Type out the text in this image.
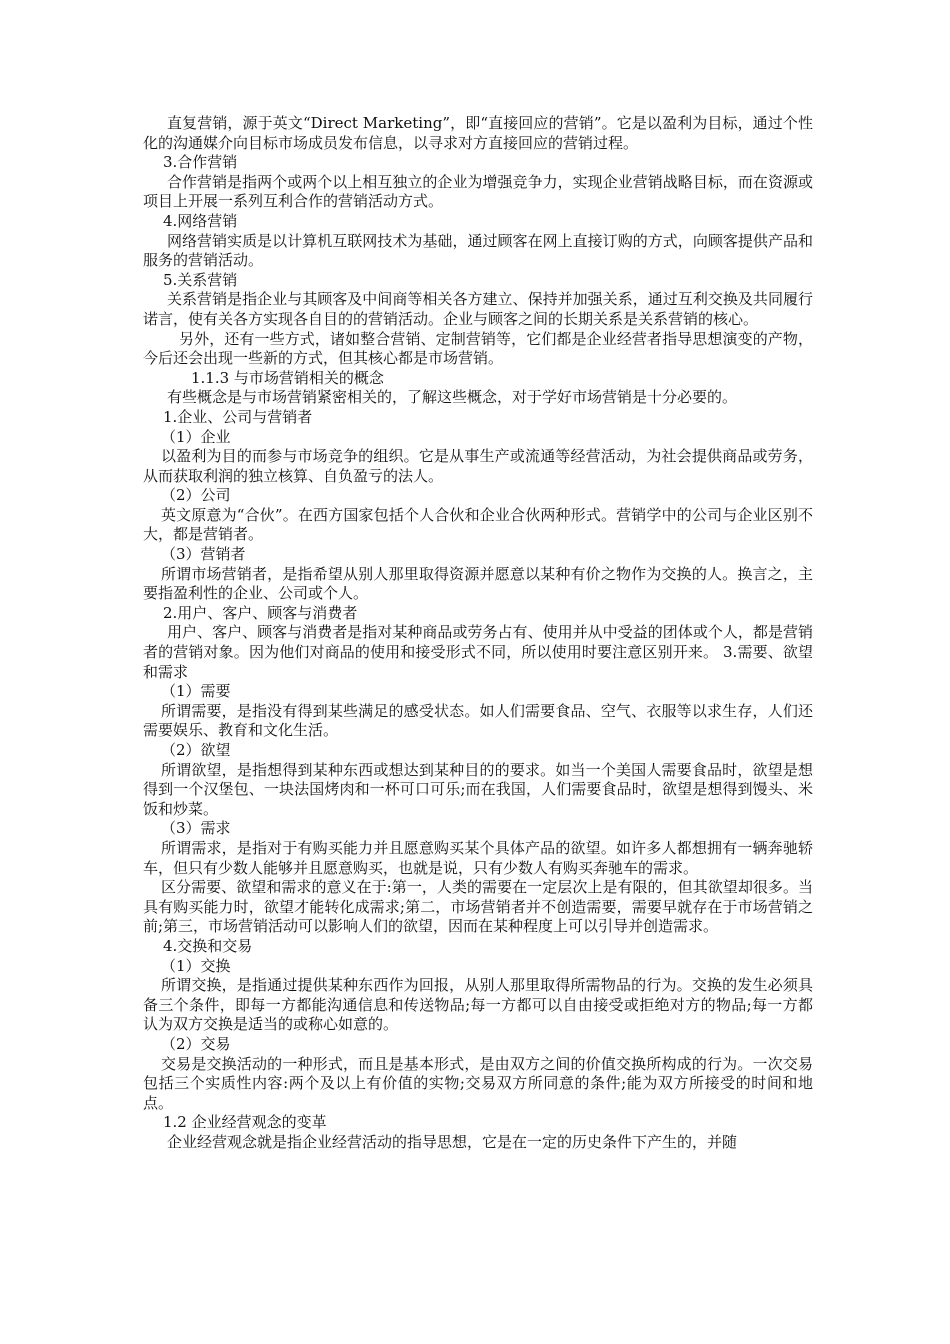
直复营销，源于英文“Direct Marketing”，即“直接回应的营销”。它是以盈利为目标，通过个性化的沟通媒介向目标市场成员发布信息，以寻求对方直接回应的营销过程。

3.合作营销

合作营销是指两个或两个以上相互独立的企业为增强竞争力，实现企业营销战略目标，而在资源或项目上开展一系列互利合作的营销活动方式。

4.网络营销

网络营销实质是以计算机互联网技术为基础，通过顾客在网上直接订购的方式，向顾客提供产品和服务的营销活动。

5.关系营销

关系营销是指企业与其顾客及中间商等相关各方建立、保持并加强关系，通过互利交换及共同履行诺言，使有关各方实现各自目的的营销活动。企业与顾客之间的长期关系是关系营销的核心。

另外，还有一些方式，诸如整合营销、定制营销等，它们都是企业经营者指导思想演变的产物，今后还会出现一些新的方式，但其核心都是市场营销。

1.1.3 与市场营销相关的概念

有些概念是与市场营销紧密相关的，了解这些概念，对于学好市场营销是十分必要的。

1.企业、公司与营销者

（1）企业

以盈利为目的而参与市场竞争的组织。它是从事生产或流通等经营活动，为社会提供商品或劳务，从而获取利润的独立核算、自负盈亏的法人。

（2）公司

英文原意为“合伙”。在西方国家包括个人合伙和企业合伙两种形式。营销学中的公司与企业区别不大，都是营销者。

（3）营销者

所谓市场营销者，是指希望从别人那里取得资源并愿意以某种有价之物作为交换的人。换言之，主要指盈利性的企业、公司或个人。

2.用户、客户、顾客与消费者

用户、客户、顾客与消费者是指对某种商品或劳务占有、使用并从中受益的团体或个人，都是营销者的营销对象。因为他们对商品的使用和接受形式不同，所以使用时要注意区别开来。 3.需要、欲望和需求

（1）需要

所谓需要，是指没有得到某些满足的感受状态。如人们需要食品、空气、衣服等以求生存，人们还需要娱乐、教育和文化生活。

（2）欲望

所谓欲望，是指想得到某种东西或想达到某种目的的要求。如当一个美国人需要食品时，欲望是想得到一个汉堡包、一块法国烤肉和一杯可口可乐;而在我国，人们需要食品时，欲望是想得到馒头、米饭和炒菜。

（3）需求

所谓需求，是指对于有购买能力并且愿意购买某个具体产品的欲望。如许多人都想拥有一辆奔驰轿车，但只有少数人能够并且愿意购买，也就是说，只有少数人有购买奔驰车的需求。

区分需要、欲望和需求的意义在于:第一，人类的需要在一定层次上是有限的，但其欲望却很多。当具有购买能力时，欲望才能转化成需求;第二，市场营销者并不创造需要，需要早就存在于市场营销之前;第三，市场营销活动可以影响人们的欲望，因而在某种程度上可以引导并创造需求。

4.交换和交易

（1）交换

所谓交换，是指通过提供某种东西作为回报，从别人那里取得所需物品的行为。交换的发生必须具备三个条件，即每一方都能沟通信息和传送物品;每一方都可以自由接受或拒绝对方的物品;每一方都认为双方交换是适当的或称心如意的。

（2）交易

交易是交换活动的一种形式，而且是基本形式，是由双方之间的价值交换所构成的行为。一次交易包括三个实质性内容:两个及以上有价值的实物;交易双方所同意的条件;能为双方所接受的时间和地点。

1.2 企业经营观念的变革

企业经营观念就是指企业经营活动的指导思想，它是在一定的历史条件下产生的，并随
